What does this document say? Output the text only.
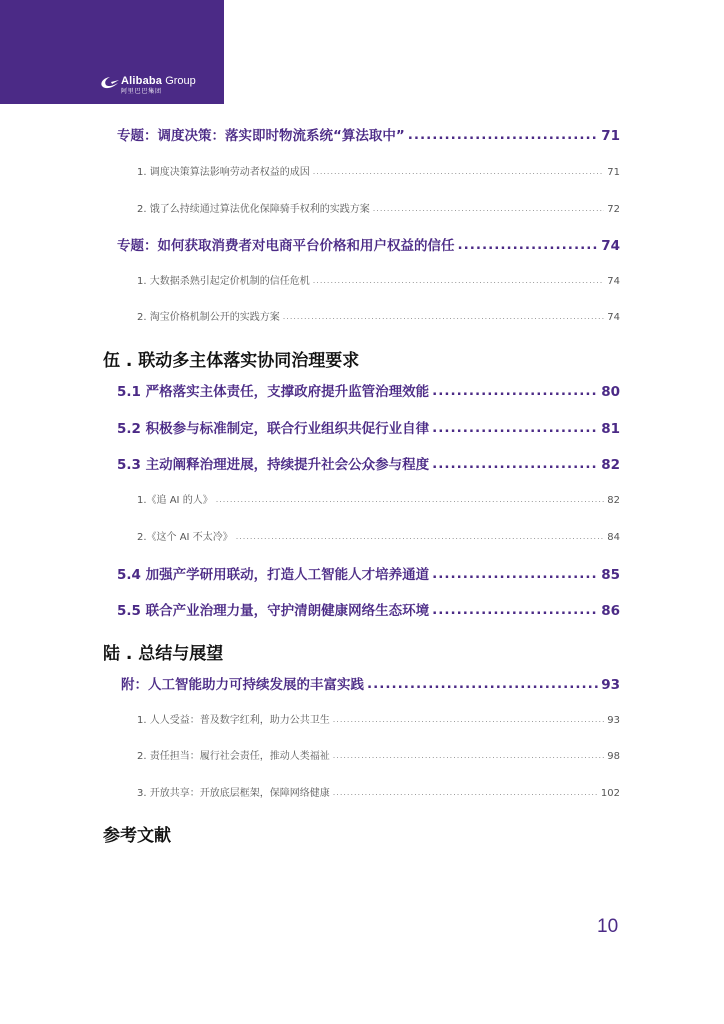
Alibaba Group
阿里巴巴集团
专题：调度决策：落实即时物流系统“算法取中” .....	71
1. 调度决策算法影响劳动者权益的成因 .....	71
2. 饿了么持续通过算法优化保障骑手权利的实践方案 .....	72
专题：如何获取消费者对电商平台价格和用户权益的信任 .....	74
1. 大数据杀熟引起定价机制的信任危机 .....	74
2. 淘宝价格机制公开的实践方案 .....	74
伍 . 联动多主体落实协同治理要求
5.1 严格落实主体责任，支撑政府提升监管治理效能 .....	80
5.2 积极参与标准制定，联合行业组织共促行业自律 .....	81
5.3 主动阐释治理进展，持续提升社会公众参与程度 .....	82
1.《追 AI 的人》 .....	82
2.《这个 AI 不太冷》 .....	84
5.4 加强产学研用联动，打造人工智能人才培养通道 .....	85
5.5 联合产业治理力量，守护清朗健康网络生态环境 .....	86
陆 . 总结与展望
附：人工智能助力可持续发展的丰富实践 .....	93
1. 人人受益：普及数字红利，助力公共卫生 .....	93
2. 责任担当：履行社会责任，推动人类福祉 .....	98
3. 开放共享：开放底层框架，保障网络健康 .....	102
参考文献
10
